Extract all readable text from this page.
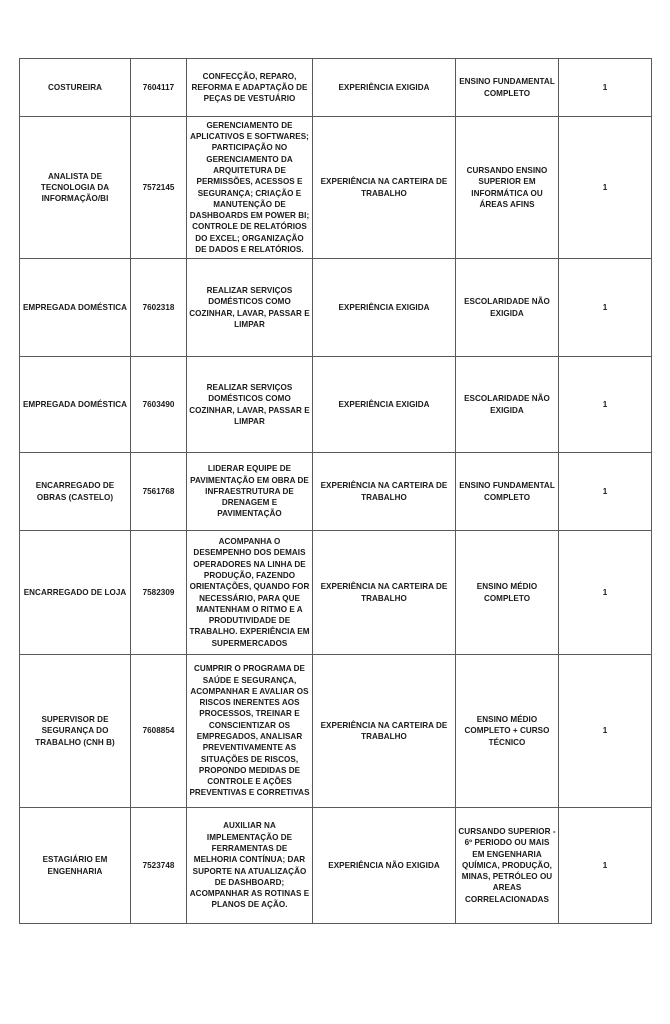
COSTUREIRA	7604117	CONFECÇÃO, REPARO, REFORMA E ADAPTAÇÃO DE PEÇAS DE VESTUÁRIO	EXPERIÊNCIA EXIGIDA	ENSINO FUNDAMENTAL COMPLETO	1
ANALISTA DE TECNOLOGIA DA INFORMAÇÃO/BI	7572145	GERENCIAMENTO DE APLICATIVOS E SOFTWARES; PARTICIPAÇÃO NO GERENCIAMENTO DA ARQUITETURA DE PERMISSÕES, ACESSOS E SEGURANÇA; CRIAÇÃO E MANUTENÇÃO DE DASHBOARDS EM POWER BI; CONTROLE DE RELATÓRIOS DO EXCEL; ORGANIZAÇÃO DE DADOS E RELATÓRIOS.	EXPERIÊNCIA NA CARTEIRA DE TRABALHO	CURSANDO ENSINO SUPERIOR EM INFORMÁTICA OU ÁREAS AFINS	1
EMPREGADA DOMÉSTICA	7602318	REALIZAR SERVIÇOS DOMÉSTICOS COMO COZINHAR, LAVAR, PASSAR E LIMPAR	EXPERIÊNCIA EXIGIDA	ESCOLARIDADE NÃO EXIGIDA	1
EMPREGADA DOMÉSTICA	7603490	REALIZAR SERVIÇOS DOMÉSTICOS COMO COZINHAR, LAVAR, PASSAR E LIMPAR	EXPERIÊNCIA EXIGIDA	ESCOLARIDADE NÃO EXIGIDA	1
ENCARREGADO DE OBRAS (CASTELO)	7561768	LIDERAR EQUIPE DE PAVIMENTAÇÃO EM OBRA DE INFRAESTRUTURA DE DRENAGEM E PAVIMENTAÇÃO	EXPERIÊNCIA NA CARTEIRA DE TRABALHO	ENSINO FUNDAMENTAL COMPLETO	1
ENCARREGADO DE LOJA	7582309	ACOMPANHA O DESEMPENHO DOS DEMAIS OPERADORES NA LINHA DE PRODUÇÃO, FAZENDO ORIENTAÇÕES, QUANDO FOR NECESSÁRIO, PARA QUE MANTENHAM O RITMO E A PRODUTIVIDADE DE TRABALHO. EXPERIÊNCIA EM SUPERMERCADOS	EXPERIÊNCIA NA CARTEIRA DE TRABALHO	ENSINO MÉDIO COMPLETO	1
SUPERVISOR DE SEGURANÇA DO TRABALHO (CNH B)	7608854	CUMPRIR O PROGRAMA DE SAÚDE E SEGURANÇA, ACOMPANHAR E AVALIAR OS RISCOS INERENTES AOS PROCESSOS, TREINAR E CONSCIENTIZAR OS EMPREGADOS, ANALISAR PREVENTIVAMENTE AS SITUAÇÕES DE RISCOS, PROPONDO MEDIDAS DE CONTROLE E AÇÕES PREVENTIVAS E CORRETIVAS	EXPERIÊNCIA NA CARTEIRA DE TRABALHO	ENSINO MÉDIO COMPLETO + CURSO TÉCNICO	1
ESTAGIÁRIO EM ENGENHARIA	7523748	AUXILIAR NA IMPLEMENTAÇÃO DE FERRAMENTAS DE MELHORIA CONTÍNUA; DAR SUPORTE NA ATUALIZAÇÃO DE DASHBOARD; ACOMPANHAR AS ROTINAS E PLANOS DE AÇÃO.	EXPERIÊNCIA NÃO EXIGIDA	CURSANDO SUPERIOR - 6º PERIODO OU MAIS EM ENGENHARIA QUÍMICA, PRODUÇÃO, MINAS, PETRÓLEO OU AREAS CORRELACIONADAS	1
